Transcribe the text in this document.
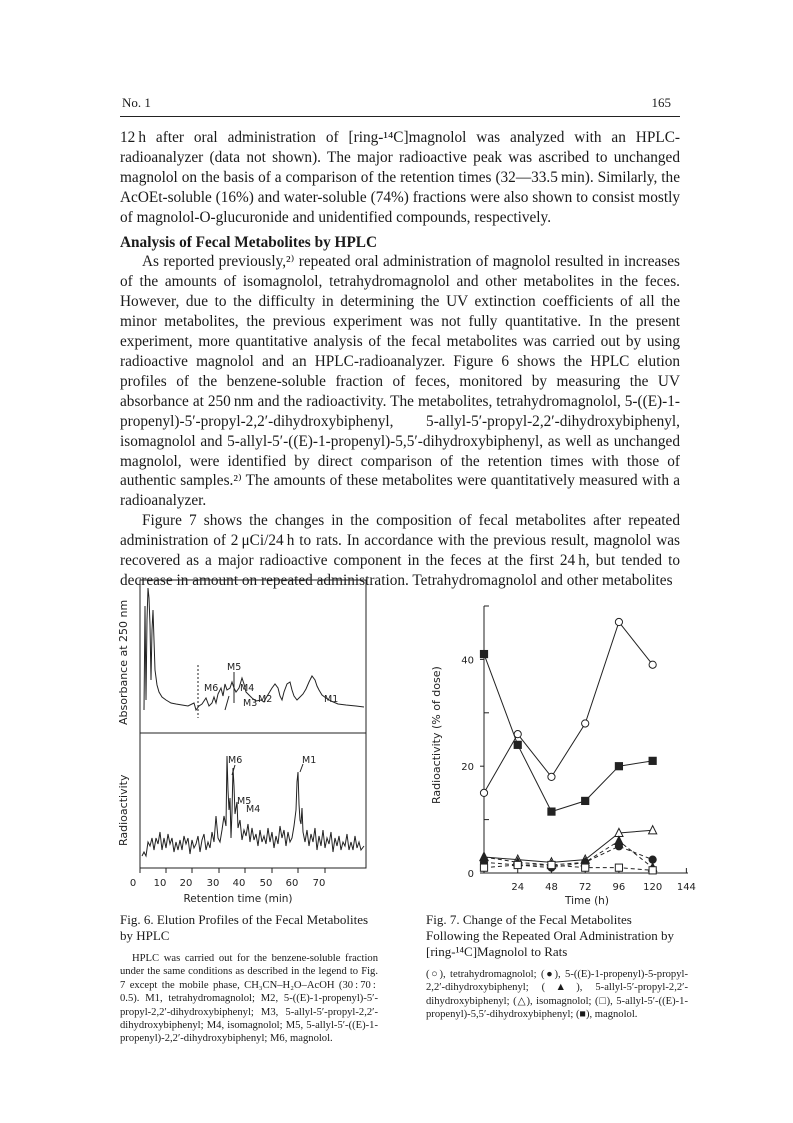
No. 1	165

12 h after oral administration of [ring-¹⁴C]magnolol was analyzed with an HPLC-radioanalyzer (data not shown). The major radioactive peak was ascribed to unchanged magnolol on the basis of a comparison of the retention times (32—33.5 min). Similarly, the AcOEt-soluble (16%) and water-soluble (74%) fractions were also shown to consist mostly of magnolol-O-glucuronide and unidentified compounds, respectively.

Analysis of Fecal Metabolites by HPLC

As reported previously,²⁾ repeated oral administration of magnolol resulted in increases of the amounts of isomagnolol, tetrahydromagnolol and other metabolites in the feces. However, due to the difficulty in determining the UV extinction coefficients of all the minor metabolites, the previous experiment was not fully quantitative. In the present experiment, more quantitative analysis of the fecal metabolites was carried out by using radioactive magnolol and an HPLC-radioanalyzer. Figure 6 shows the HPLC elution profiles of the benzene-soluble fraction of feces, monitored by measuring the UV absorbance at 250 nm and the radioactivity. The metabolites, tetrahydromagnolol, 5-((E)-1-propenyl)-5′-propyl-2,2′-dihydroxybiphenyl, 5-allyl-5′-propyl-2,2′-dihydroxybiphenyl, isomagnolol and 5-allyl-5′-((E)-1-propenyl)-5,5′-dihydroxybiphenyl, as well as unchanged magnolol, were identified by direct comparison of the retention times with those of authentic samples.²⁾ The amounts of these metabolites were quantitatively measured with a radioanalyzer.

Figure 7 shows the changes in the composition of fecal metabolites after repeated administration of 2 μCi/24 h to rats. In accordance with the previous result, magnolol was recovered as a major radioactive component in the feces at the first 24 h, but tended to decrease in amount on repeated administration. Tetrahydromagnolol and other metabolites

0 10 20 30 40 50 60 70
Retention time (min)
Absorbance at 250 nm
Radioactivity
M5
M6 M4
M3 M2	M1
M6	M1
M5
M4

Fig. 6. Elution Profiles of the Fecal Metabolites by HPLC

HPLC was carried out for the benzene-soluble fraction under the same conditions as described in the legend to Fig. 7 except the mobile phase, CH₃CN–H₂O–AcOH (30 : 70 : 0.5). M1, tetrahydromagnolol; M2, 5-((E)-1-propenyl)-5′-propyl-2,2′-dihydroxybiphenyl; M3, 5-allyl-5′-propyl-2,2′-dihydroxybiphenyl; M4, isomagnolol; M5, 5-allyl-5′-((E)-1-propenyl)-2,2′-dihydroxybiphenyl; M6, magnolol.

0
20
40
24 48 72 96 120 144
Time (h)
Radioactivity (% of dose)

Fig. 7. Change of the Fecal Metabolites Following the Repeated Oral Administration by [ring-¹⁴C]Magnolol to Rats

(○), tetrahydromagnolol; (●), 5-((E)-1-propenyl)-5-propyl-2,2′-dihydroxybiphenyl; (▲), 5-allyl-5′-propyl-2,2′-dihydroxybiphenyl; (△), isomagnolol; (□), 5-allyl-5′-((E)-1-propenyl)-5,5′-dihydroxybiphenyl; (■), magnolol.
